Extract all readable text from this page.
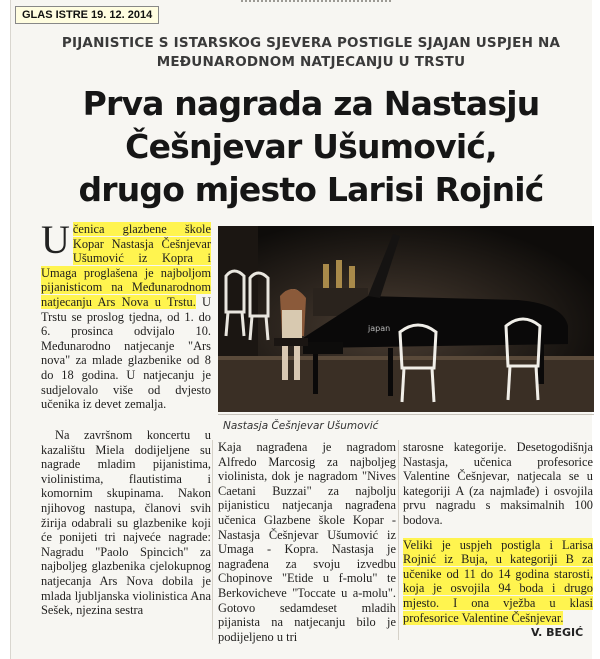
GLAS ISTRE 19. 12. 2014
PIJANISTICE S ISTARSKOG SJEVERA POSTIGLE SJAJAN USPJEH NA MEĐUNARODNOM NATJECANJU U TRSTU
Prva nagrada za Nastasju
Češnjevar Ušumović,
drugo mjesto Larisi Rojnić
Učenica glazbene škole Kopar Nastasja Češnjevar Ušumović iz Kopra i Umaga proglašena je najboljom pijanisticom na Međunarodnom natjecanju Ars Nova u Trstu. U Trstu se proslog tjedna, od 1. do 6. prosinca odvijalo 10. Međunarodno natjecanje "Ars nova" za mlade glazbenike od 8 do 18 godina. U natjecanju je sudjelovalo više od dvjesto učenika iz devet zemalja.

Na završnom koncertu u kazalištu Miela dodijeljene su nagrade mladim pijanistima, violinistima, flautistima i komornim skupinama. Nakon njihovog nastupa, članovi svih žirija odabrali su glazbenike koji će ponijeti tri najveće nagrade: Nagradu "Paolo Spincich" za najbolјeg glazbenika cjelokupnog natjecanja Ars Nova dobila je mlada ljubljanska violinistica Ana Sešek, njezina sestra

japan
Nastasja Češnjevar Ušumović
Kaja nagrađena je nagradom Alfredo Marcosig za najbolјeg violinista, dok je nagradom "Nives Caetani Buzzai" za najbolju pijanisticu natjecanja nagrađena učenica Glazbene škole Kopar - Nastasja Češnjevar Ušumović iz Umaga - Kopra. Nastasja je nagrađena za svoju izvedbu Chopinove "Etide u f-molu" te Berkovicheve "Toccate u a-molu". Gotovo sedamdeset mladih pijanista na natjecanju bilo je podijeljeno u tri
starosne kategorije. Desetogodišnja Nastasja, učenica profesorice Valentine Češnjevar, natjecala se u kategoriji A (za najmlađe) i osvojila prvu nagradu s maksimalnih 100 bodova.
Veliki je uspjeh postigla i Larisa Rojnić iz Buja, u kategoriji B za učenike od 11 do 14 godina starosti, koja je osvojila 94 boda i drugo mjesto. I ona vježba u klasi profesorice Valentine Češnjevar.
V. BEGIĆ
